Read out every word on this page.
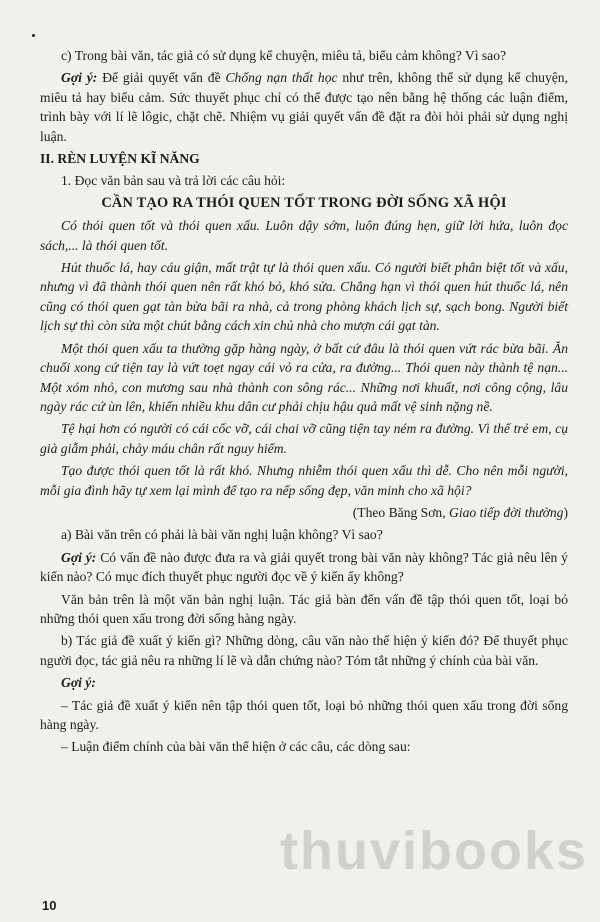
c) Trong bài văn, tác giả có sử dụng kể chuyện, miêu tả, biểu cảm không? Vì sao?

Gợi ý: Để giải quyết vấn đề Chống nạn thất học như trên, không thể sử dụng kể chuyện, miêu tả hay biểu cảm. Sức thuyết phục chỉ có thể được tạo nên bằng hệ thống các luận điểm, trình bày với lí lẽ lôgic, chặt chẽ. Nhiệm vụ giải quyết vấn đề đặt ra đòi hỏi phải sử dụng nghị luận.

II. RÈN LUYỆN KĨ NĂNG

1. Đọc văn bản sau và trả lời các câu hỏi:

CẦN TẠO RA THÓI QUEN TỐT TRONG ĐỜI SỐNG XÃ HỘI

Có thói quen tốt và thói quen xấu. Luôn dậy sớm, luôn đúng hẹn, giữ lời hứa, luôn đọc sách,... là thói quen tốt.

Hút thuốc lá, hay cáu giận, mất trật tự là thói quen xấu. Có người biết phân biệt tốt và xấu, nhưng vì đã thành thói quen nên rất khó bỏ, khó sửa. Chẳng hạn vì thói quen hút thuốc lá, nên cũng có thói quen gạt tàn bừa bãi ra nhà, cả trong phòng khách lịch sự, sạch bong. Người biết lịch sự thì còn sửa một chút bằng cách xin chủ nhà cho mượn cái gạt tàn.

Một thói quen xấu ta thường gặp hàng ngày, ở bất cứ đâu là thói quen vứt rác bừa bãi. Ăn chuối xong cứ tiện tay là vứt toẹt ngay cái vỏ ra cửa, ra đường... Thói quen này thành tệ nạn... Một xóm nhỏ, con mương sau nhà thành con sông rác... Những nơi khuất, nơi công cộng, lâu ngày rác cứ ùn lên, khiến nhiều khu dân cư phải chịu hậu quả mất vệ sinh nặng nề.

Tệ hại hơn có người có cái cốc vỡ, cái chai vỡ cũng tiện tay ném ra đường. Vì thế trẻ em, cụ già giẫm phải, chảy máu chân rất nguy hiểm.

Tạo được thói quen tốt là rất khó. Nhưng nhiễm thói quen xấu thì dễ. Cho nên mỗi người, mỗi gia đình hãy tự xem lại mình để tạo ra nếp sống đẹp, văn minh cho xã hội?

(Theo Băng Sơn, Giao tiếp đời thường)

a) Bài văn trên có phải là bài văn nghị luận không? Vì sao?

Gợi ý: Có vấn đề nào được đưa ra và giải quyết trong bài văn này không? Tác giả nêu lên ý kiến nào? Có mục đích thuyết phục người đọc về ý kiến ấy không?

Văn bản trên là một văn bản nghị luận. Tác giả bàn đến vấn đề tập thói quen tốt, loại bỏ những thói quen xấu trong đời sống hàng ngày.

b) Tác giả đề xuất ý kiến gì? Những dòng, câu văn nào thể hiện ý kiến đó? Để thuyết phục người đọc, tác giả nêu ra những lí lẽ và dẫn chứng nào? Tóm tắt những ý chính của bài văn.

Gợi ý:

– Tác giả đề xuất ý kiến nên tập thói quen tốt, loại bỏ những thói quen xấu trong đời sống hàng ngày.

– Luận điểm chính của bài văn thể hiện ở các câu, các dòng sau:

thuvibooks
10
